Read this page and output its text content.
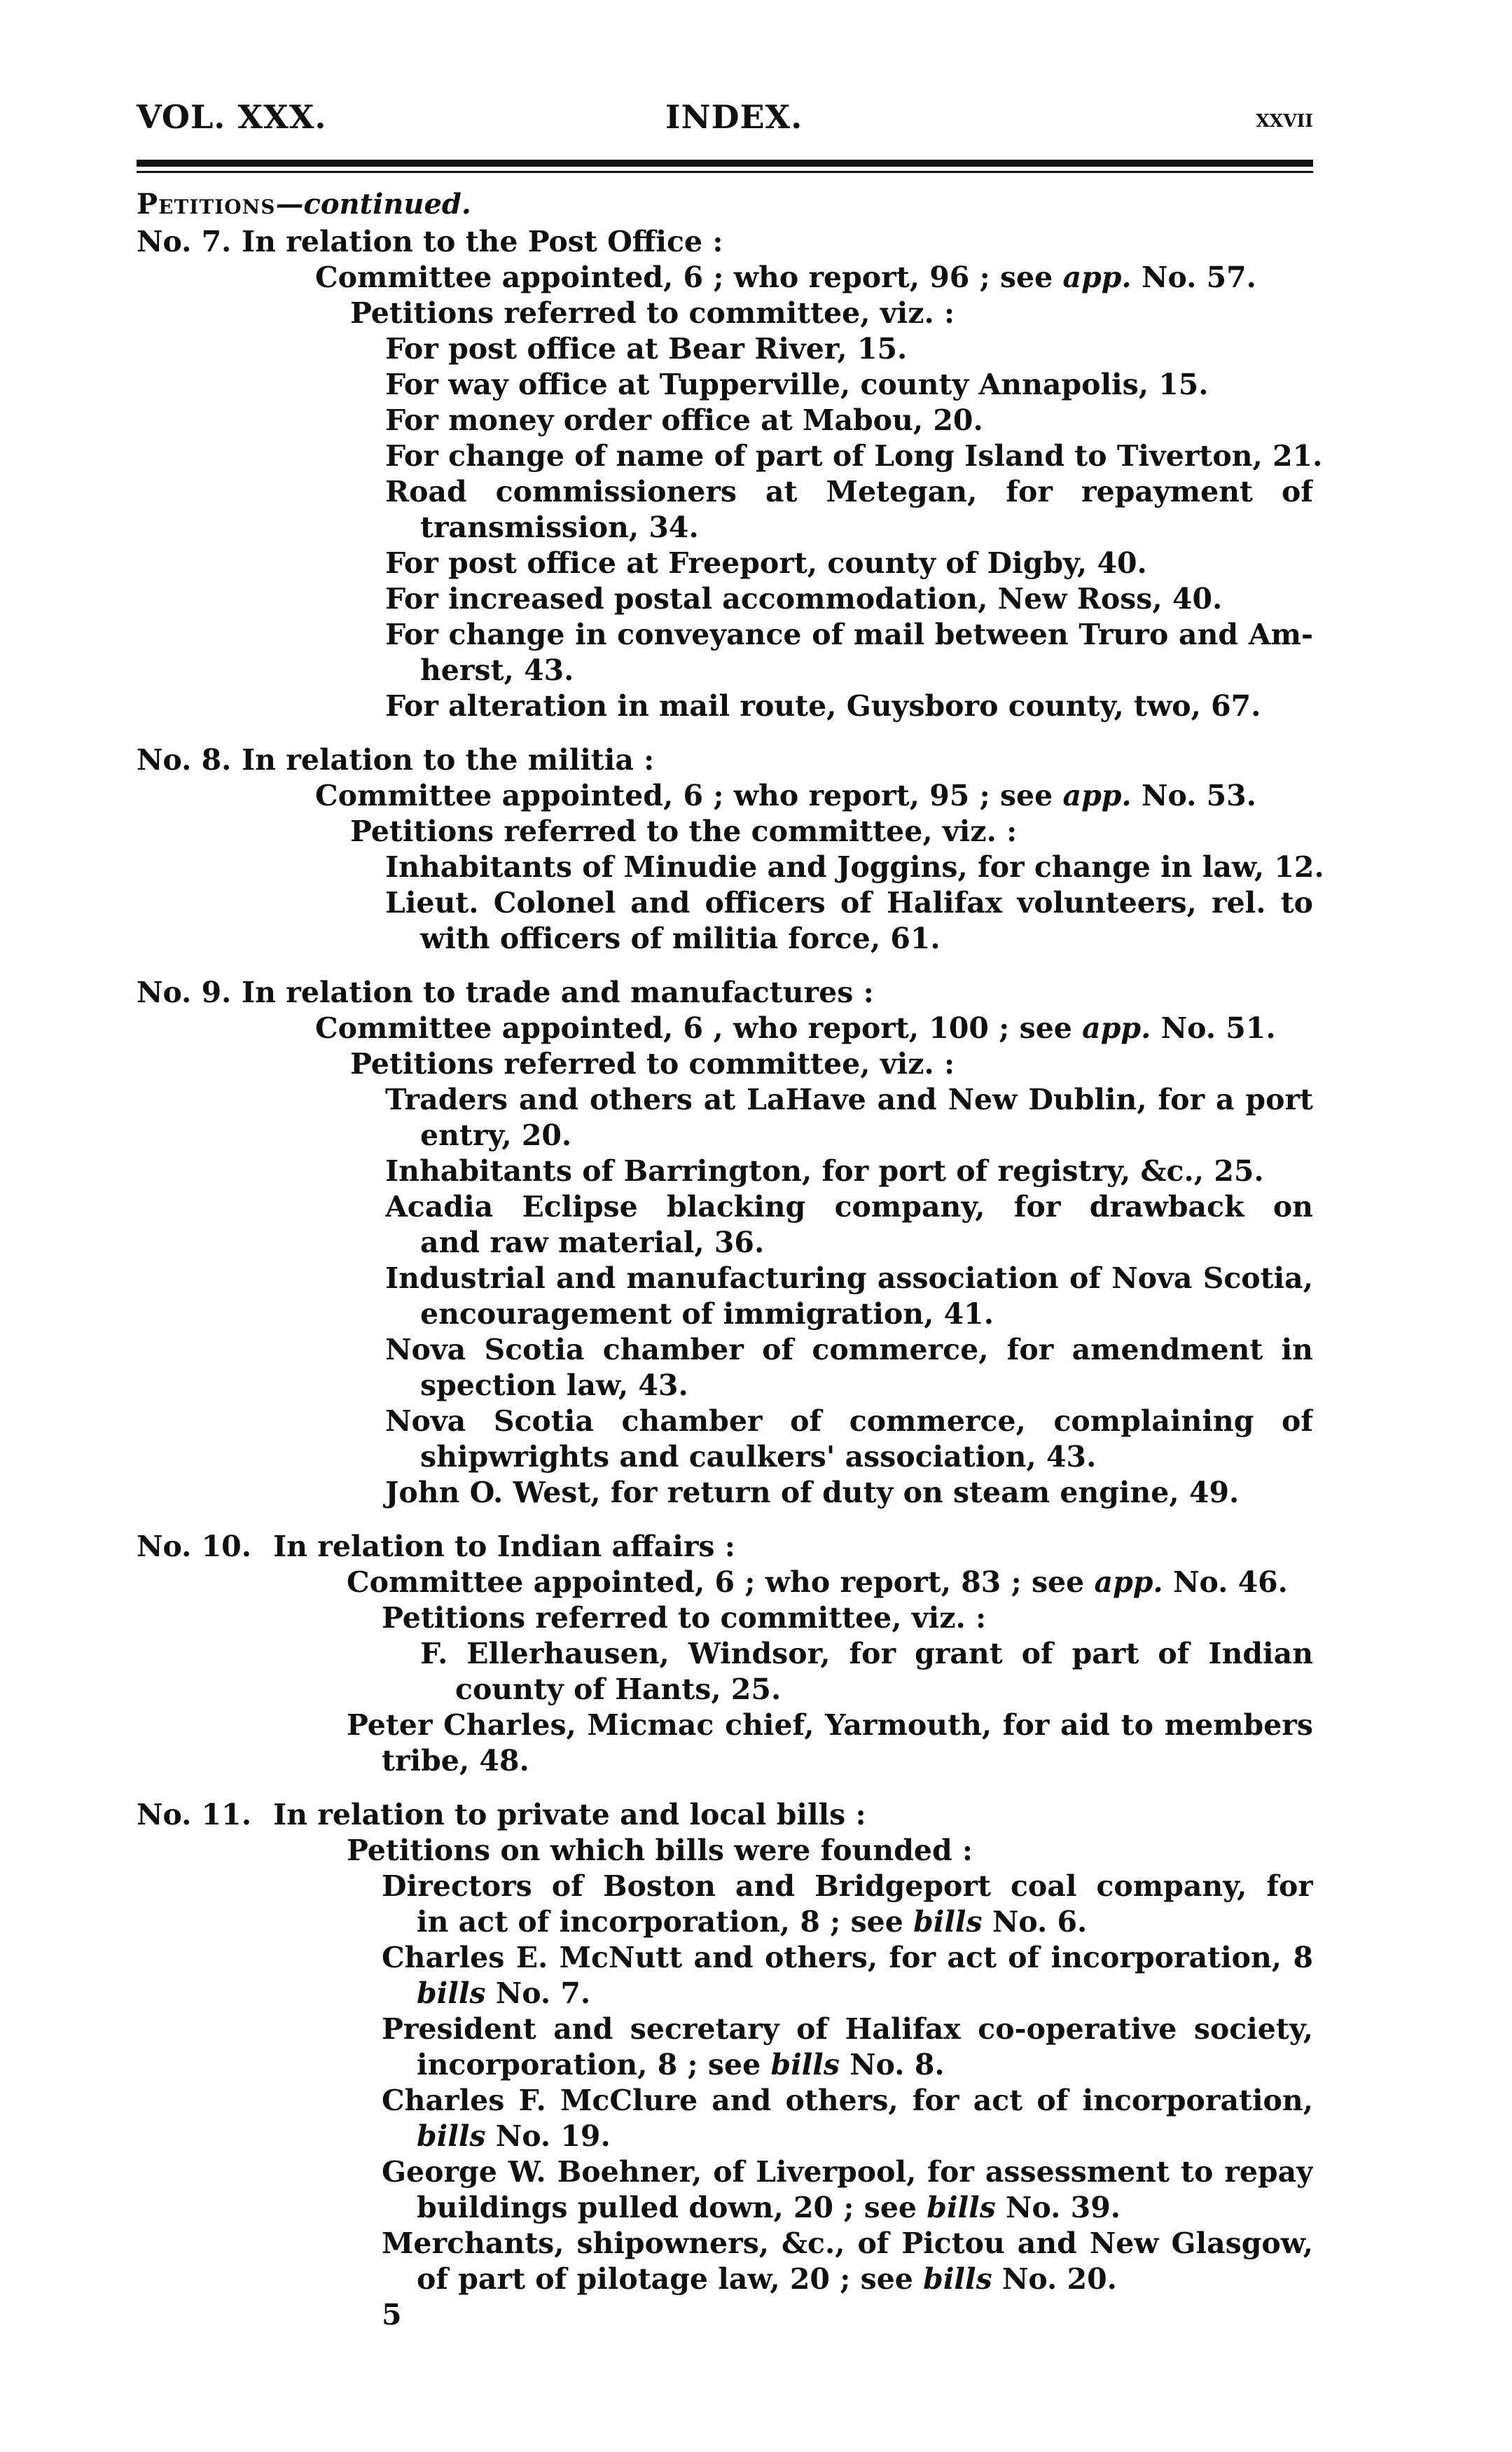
VOL. XXX.	INDEX.	xxvii
Petitions—continued.
No. 7. In relation to the Post Office :
Committee appointed, 6 ; who report, 96 ; see app. No. 57.
Petitions referred to committee, viz. :
For post office at Bear River, 15.
For way office at Tupperville, county Annapolis, 15.
For money order office at Mabou, 20.
For change of name of part of Long Island to Tiverton, 21.
Road commissioners at Metegan, for repayment of
transmission, 34.
For post office at Freeport, county of Digby, 40.
For increased postal accommodation, New Ross, 40.
For change in conveyance of mail between Truro and Am-
herst, 43.
For alteration in mail route, Guysboro county, two, 67.
No. 8. In relation to the militia :
Committee appointed, 6 ; who report, 95 ; see app. No. 53.
Petitions referred to the committee, viz. :
Inhabitants of Minudie and Joggins, for change in law, 12.
Lieut. Colonel and officers of Halifax volunteers, rel. to
with officers of militia force, 61.
No. 9. In relation to trade and manufactures :
Committee appointed, 6 , who report, 100 ; see app. No. 51.
Petitions referred to committee, viz. :
Traders and others at LaHave and New Dublin, for a port
entry, 20.
Inhabitants of Barrington, for port of registry, &c., 25.
Acadia Eclipse blacking company, for drawback on
and raw material, 36.
Industrial and manufacturing association of Nova Scotia,
encouragement of immigration, 41.
Nova Scotia chamber of commerce, for amendment in
spection law, 43.
Nova Scotia chamber of commerce, complaining of
shipwrights and caulkers' association, 43.
John O. West, for return of duty on steam engine, 49.
No. 10. In relation to Indian affairs :
Committee appointed, 6 ; who report, 83 ; see app. No. 46.
Petitions referred to committee, viz. :
F. Ellerhausen, Windsor, for grant of part of Indian
county of Hants, 25.
Peter Charles, Micmac chief, Yarmouth, for aid to members
tribe, 48.
No. 11. In relation to private and local bills :
Petitions on which bills were founded :
Directors of Boston and Bridgeport coal company, for
in act of incorporation, 8 ; see bills No. 6.
Charles E. McNutt and others, for act of incorporation, 8
bills No. 7.
President and secretary of Halifax co-operative society,
incorporation, 8 ; see bills No. 8.
Charles F. McClure and others, for act of incorporation,
bills No. 19.
George W. Boehner, of Liverpool, for assessment to repay
buildings pulled down, 20 ; see bills No. 39.
Merchants, shipowners, &c., of Pictou and New Glasgow,
of part of pilotage law, 20 ; see bills No. 20.
5
